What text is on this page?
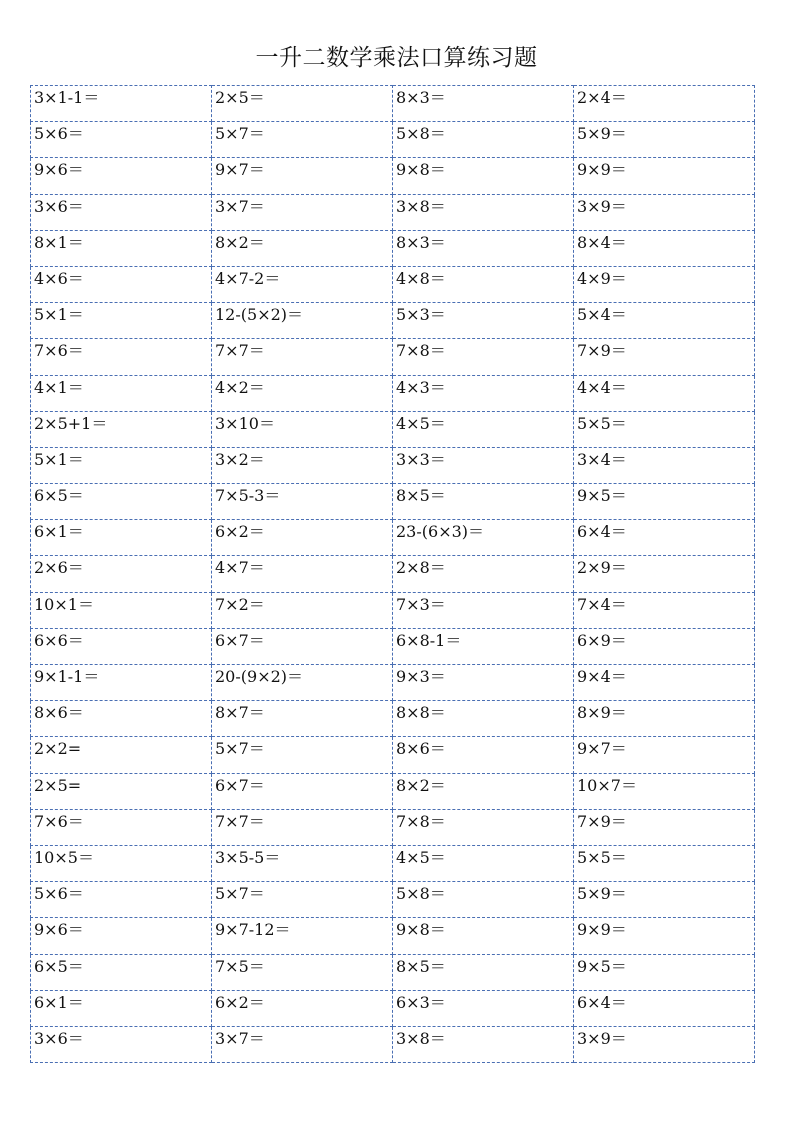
一升二数学乘法口算练习题
3×1-1＝	2×5＝	8×3＝	2×4＝
5×6＝	5×7＝	5×8＝	5×9＝
9×6＝	9×7＝	9×8＝	9×9＝
3×6＝	3×7＝	3×8＝	3×9＝
8×1＝	8×2＝	8×3＝	8×4＝
4×6＝	4×7-2＝	4×8＝	4×9＝
5×1＝	12-(5×2)＝	5×3＝	5×4＝
7×6＝	7×7＝	7×8＝	7×9＝
4×1＝	4×2＝	4×3＝	4×4＝
2×5+1＝	3×10＝	4×5＝	5×5＝
5×1＝	3×2＝	3×3＝	3×4＝
6×5＝	7×5-3＝	8×5＝	9×5＝
6×1＝	6×2＝	23-(6×3)＝	6×4＝
2×6＝	4×7＝	2×8＝	2×9＝
10×1＝	7×2＝	7×3＝	7×4＝
6×6＝	6×7＝	6×8-1＝	6×9＝
9×1-1＝	20-(9×2)＝	9×3＝	9×4＝
8×6＝	8×7＝	8×8＝	8×9＝
2×2=	5×7＝	8×6＝	9×7＝
2×5=	6×7＝	8×2＝	10×7＝
7×6＝	7×7＝	7×8＝	7×9＝
10×5＝	3×5-5＝	4×5＝	5×5＝
5×6＝	5×7＝	5×8＝	5×9＝
9×6＝	9×7-12＝	9×8＝	9×9＝
6×5＝	7×5＝	8×5＝	9×5＝
6×1＝	6×2＝	6×3＝	6×4＝
3×6＝	3×7＝	3×8＝	3×9＝
